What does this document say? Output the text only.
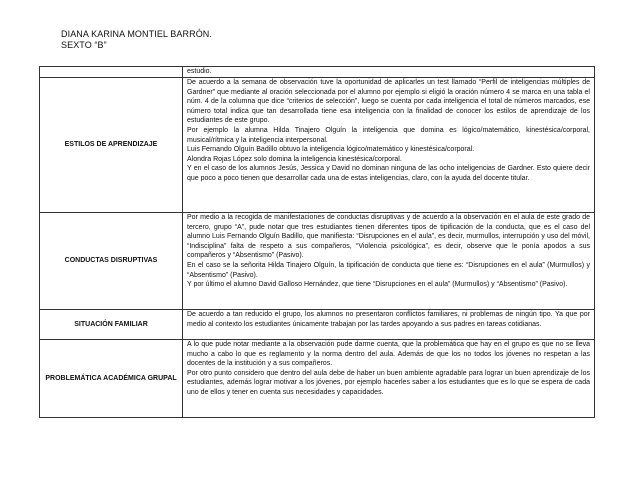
DIANA KARINA MONTIEL BARRÓN.
SEXTO “B”

	estudio.

ESTILOS DE APRENDIZAJE	De acuerdo a la semana de observación tuve la oportunidad de aplicarles un test llamado “Perfil de inteligencias múltiples de Gardner” que mediante al oración seleccionada por el alumno por ejemplo si eligió la oración número 4 se marca en una tabla el núm. 4 de la columna que dice “criterios de selección”, luego se cuenta por cada inteligencia el total de números marcados, ese número total indica que tan desarrollada tiene esa inteligencia con la finalidad de conocer los estilos de aprendizaje de los estudiantes de este grupo.

Por ejemplo la alumna Hilda Tinajero Olguín la inteligencia que domina es lógico/matemático, kinestésica/corporal, musical/rítmica y la inteligencia interpersonal.

Luis Fernando Olguín Badillo obtuvo la inteligencia lógico/matemático y kinestésica/corporal.

Alondra Rojas López solo domina la inteligencia kinestésica/corporal.

Y en el caso de los alumnos Jesús, Jessica y David no dominan ninguna de las ocho inteligencias de Gardner. Esto quiere decir que poco a poco tienen que desarrollar cada una de estas inteligencias, claro, con la ayuda del docente titular.

CONDUCTAS DISRUPTIVAS	Por medio a la recogida de manifestaciones de conductas disruptivas y de acuerdo a la observación en el aula de este grado de tercero, grupo “A”, pude notar que tres estudiantes tienen diferentes tipos de tipificación de la conducta, que es el caso del alumno Luis Fernando Olguín Badillo, que manifiesta: “Disrupciones en el aula”, es decir, murmullos, interrupción y uso del móvil, “Indisciplina” falta de respeto a sus compañeros, “Violencia psicológica”, es decir, observe que le ponía apodos a sus compañeros y “Absentismo” (Pasivo).

En el caso se la señorita Hilda Tinajero Olguín, la tipificación de conducta que tiene es: “Disrupciones en el aula” (Murmullos) y “Absentismo” (Pasivo).

Y por último el alumno David Galloso Hernández, que tiene “Disrupciones en el aula” (Murmullos) y “Absentismo” (Pasivo).

SITUACIÓN FAMILIAR	De acuerdo a tan reducido el grupo, los alumnos no presentaron conflictos familiares, ni problemas de ningún tipo. Ya que por medio al contexto los estudiantes únicamente trabajan por las tardes apoyando a sus padres en tareas cotidianas.

PROBLEMÁTICA ACADÉMICA GRUPAL	A lo que pude notar mediante a la observación pude darme cuenta, que la problemática que hay en el grupo es que no se lleva mucho a cabo lo que es reglamento y la norma dentro del aula. Además de que los no todos los jóvenes no respetan a las docentes de la institución y a sus compañeros.

Por otro punto considero que dentro del aula debe de haber un buen ambiente agradable para lograr un buen aprendizaje de los estudiantes, además lograr motivar a los jóvenes, por ejemplo hacerles saber a los estudiantes que es lo que se espera de cada uno de ellos y tener en cuenta sus necesidades y capacidades.
